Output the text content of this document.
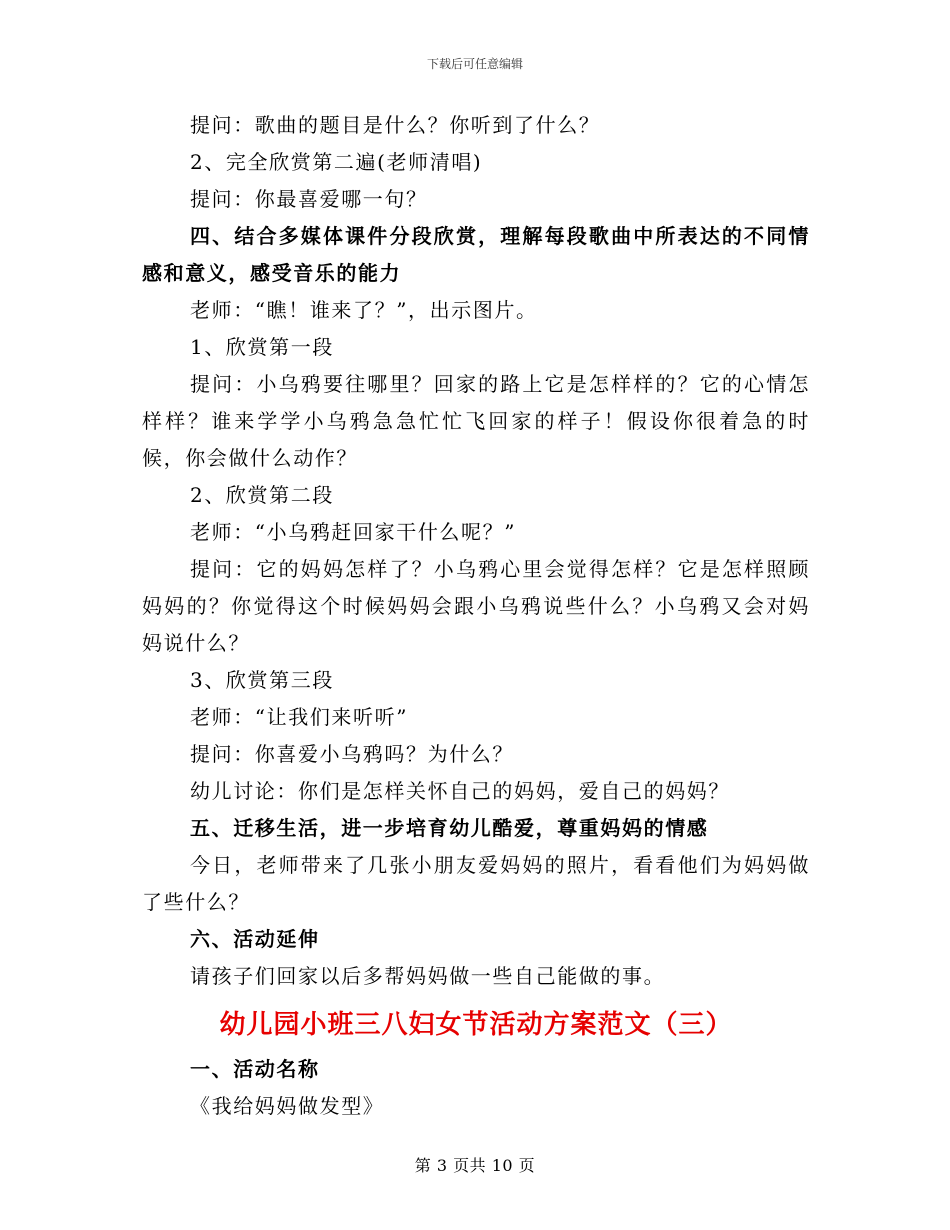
下载后可任意编辑

提问：歌曲的题目是什么？你听到了什么？

2、完全欣赏第二遍(老师清唱)

提问：你最喜爱哪一句？

四、结合多媒体课件分段欣赏，理解每段歌曲中所表达的不同情感和意义，感受音乐的能力

老师：“瞧！谁来了？”，出示图片。

1、欣赏第一段

提问：小乌鸦要往哪里？回家的路上它是怎样样的？它的心情怎样样？谁来学学小乌鸦急急忙忙飞回家的样子！假设你很着急的时候，你会做什么动作？

2、欣赏第二段

老师：“小乌鸦赶回家干什么呢？”

提问：它的妈妈怎样了？小乌鸦心里会觉得怎样？它是怎样照顾妈妈的？你觉得这个时候妈妈会跟小乌鸦说些什么？小乌鸦又会对妈妈说什么？

3、欣赏第三段

老师：“让我们来听听”

提问：你喜爱小乌鸦吗？为什么？

幼儿讨论：你们是怎样关怀自己的妈妈，爱自己的妈妈？

五、迁移生活，进一步培育幼儿酷爱，尊重妈妈的情感

今日，老师带来了几张小朋友爱妈妈的照片，看看他们为妈妈做了些什么？

六、活动延伸

请孩子们回家以后多帮妈妈做一些自己能做的事。

幼儿园小班三八妇女节活动方案范文（三）

一、活动名称

《我给妈妈做发型》

第 3 页共 10 页
